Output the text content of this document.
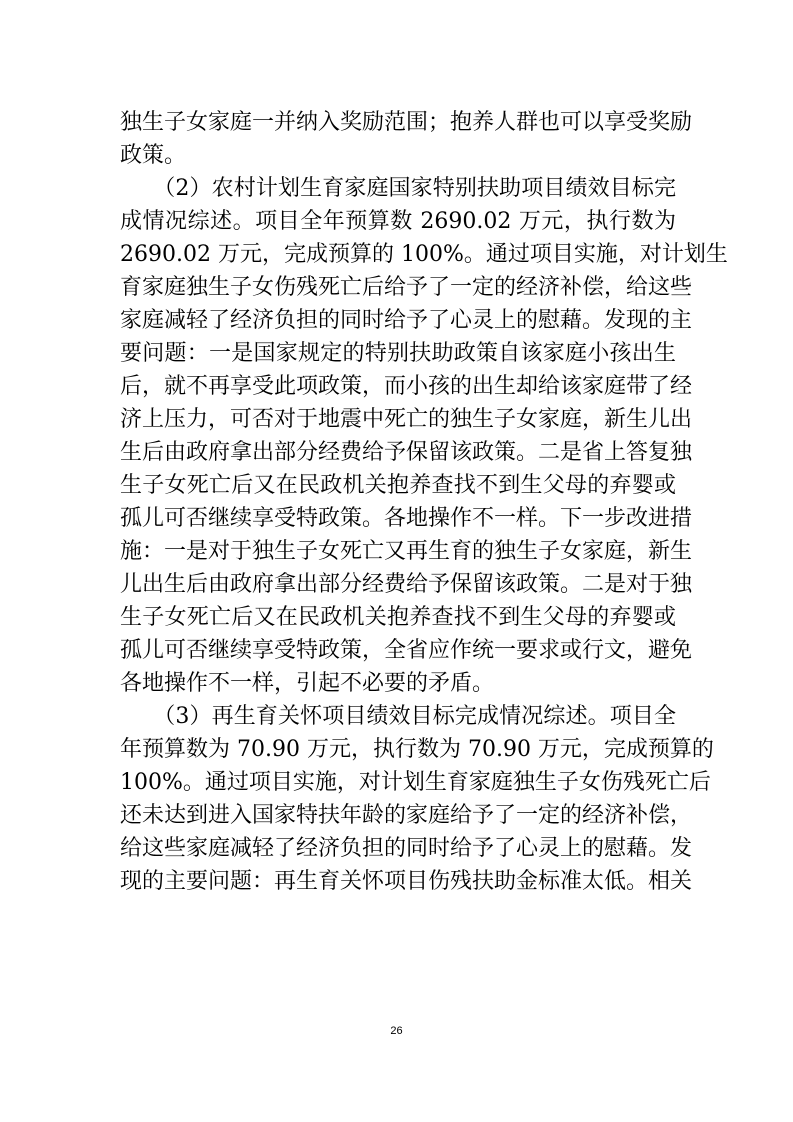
独生子女家庭一并纳入奖励范围；抱养人群也可以享受奖励
政策。
　　（2）农村计划生育家庭国家特别扶助项目绩效目标完
成情况综述。项目全年预算数 2690.02 万元，执行数为
2690.02 万元，完成预算的 100%。通过项目实施，对计划生
育家庭独生子女伤残死亡后给予了一定的经济补偿，给这些
家庭减轻了经济负担的同时给予了心灵上的慰藉。发现的主
要问题：一是国家规定的特别扶助政策自该家庭小孩出生
后，就不再享受此项政策，而小孩的出生却给该家庭带了经
济上压力，可否对于地震中死亡的独生子女家庭，新生儿出
生后由政府拿出部分经费给予保留该政策。二是省上答复独
生子女死亡后又在民政机关抱养查找不到生父母的弃婴或
孤儿可否继续享受特政策。各地操作不一样。下一步改进措
施：一是对于独生子女死亡又再生育的独生子女家庭，新生
儿出生后由政府拿出部分经费给予保留该政策。二是对于独
生子女死亡后又在民政机关抱养查找不到生父母的弃婴或
孤儿可否继续享受特政策，全省应作统一要求或行文，避免
各地操作不一样，引起不必要的矛盾。
　　（3）再生育关怀项目绩效目标完成情况综述。项目全
年预算数为 70.90 万元，执行数为 70.90 万元，完成预算的
100%。通过项目实施，对计划生育家庭独生子女伤残死亡后
还未达到进入国家特扶年龄的家庭给予了一定的经济补偿，
给这些家庭减轻了经济负担的同时给予了心灵上的慰藉。发
现的主要问题：再生育关怀项目伤残扶助金标准太低。相关
26
